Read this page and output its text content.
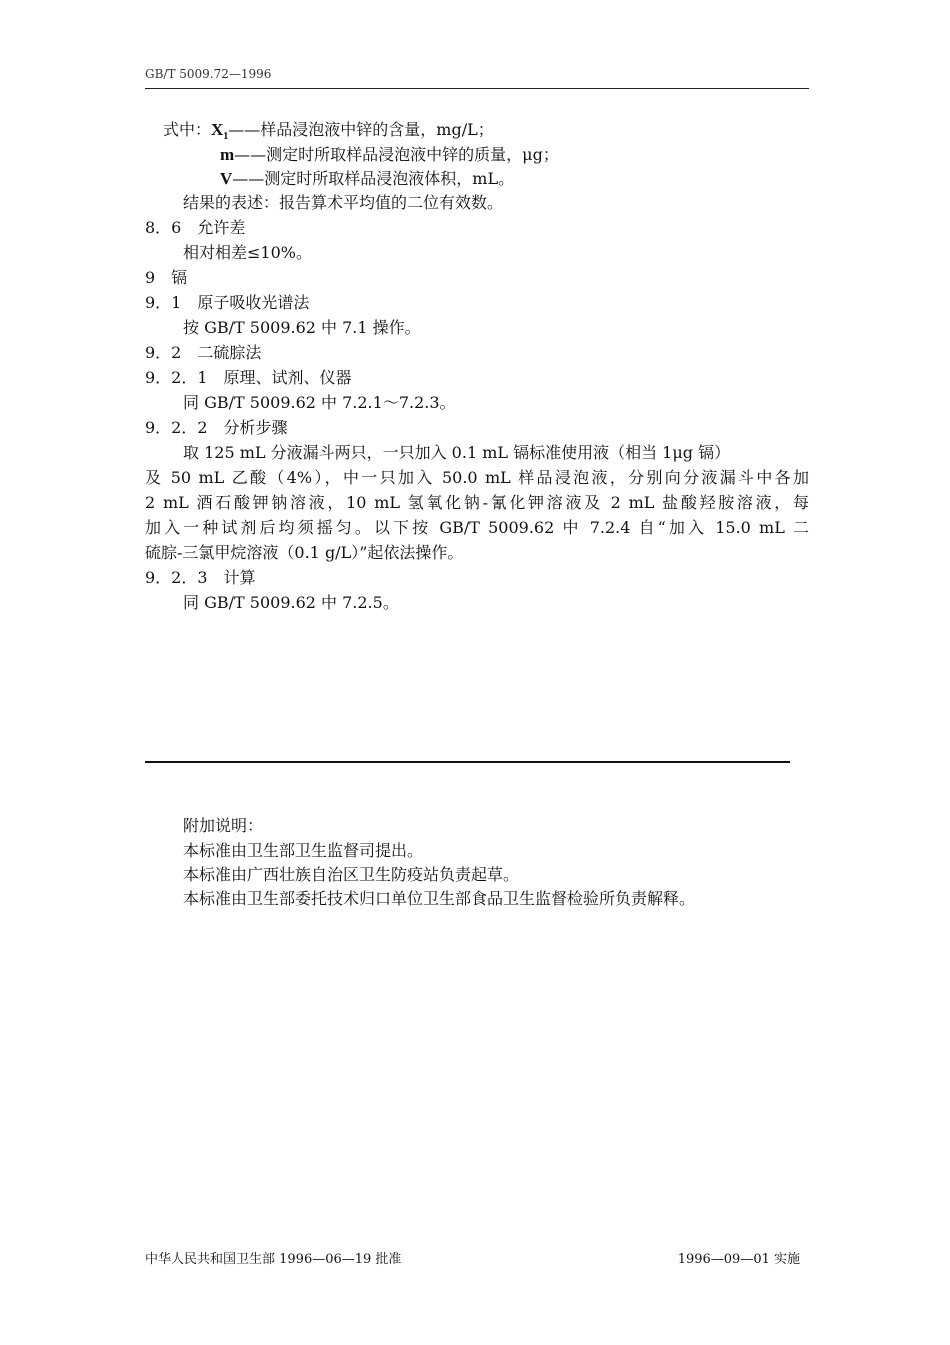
GB/T 5009.72—1996
式中：$X_1——$样品浸泡液中锌的含量，mg/L；
m——测定时所取样品浸泡液中锌的质量，μg；
V——测定时所取样品浸泡液体积，mL。
结果的表述：报告算术平均值的二位有效数。
8．6　允许差
相对相差≤10%。
9　镉
9．1　原子吸收光谱法
按 GB/T 5009.62 中 7.1 操作。
9．2　二硫腙法
9．2．1　原理、试剂、仪器
同 GB/T 5009.62 中 7.2.1～7.2.3。
9．2．2　分析步骤
取 125 mL 分液漏斗两只，一只加入 0.1 mL 镉标准使用液（相当 1μg 镉）
及 50 mL 乙酸（4%），中一只加入 50.0 mL 样品浸泡液，分别向分液漏斗中各加
2 mL 酒石酸钾钠溶液，10 mL 氢氧化钠-氰化钾溶液及 2 mL 盐酸羟胺溶液，每
加入一种试剂后均须摇匀。以下按 GB/T 5009.62 中 7.2.4 自“加入 15.0 mL 二
硫腙-三氯甲烷溶液（0.1 g/L）”起依法操作。
9．2．3　计算
同 GB/T 5009.62 中 7.2.5。
附加说明：
本标准由卫生部卫生监督司提出。
本标准由广西壮族自治区卫生防疫站负责起草。
本标准由卫生部委托技术归口单位卫生部食品卫生监督检验所负责解释。
中华人民共和国卫生部 1996—06—19 批准	1996—09—01 实施
